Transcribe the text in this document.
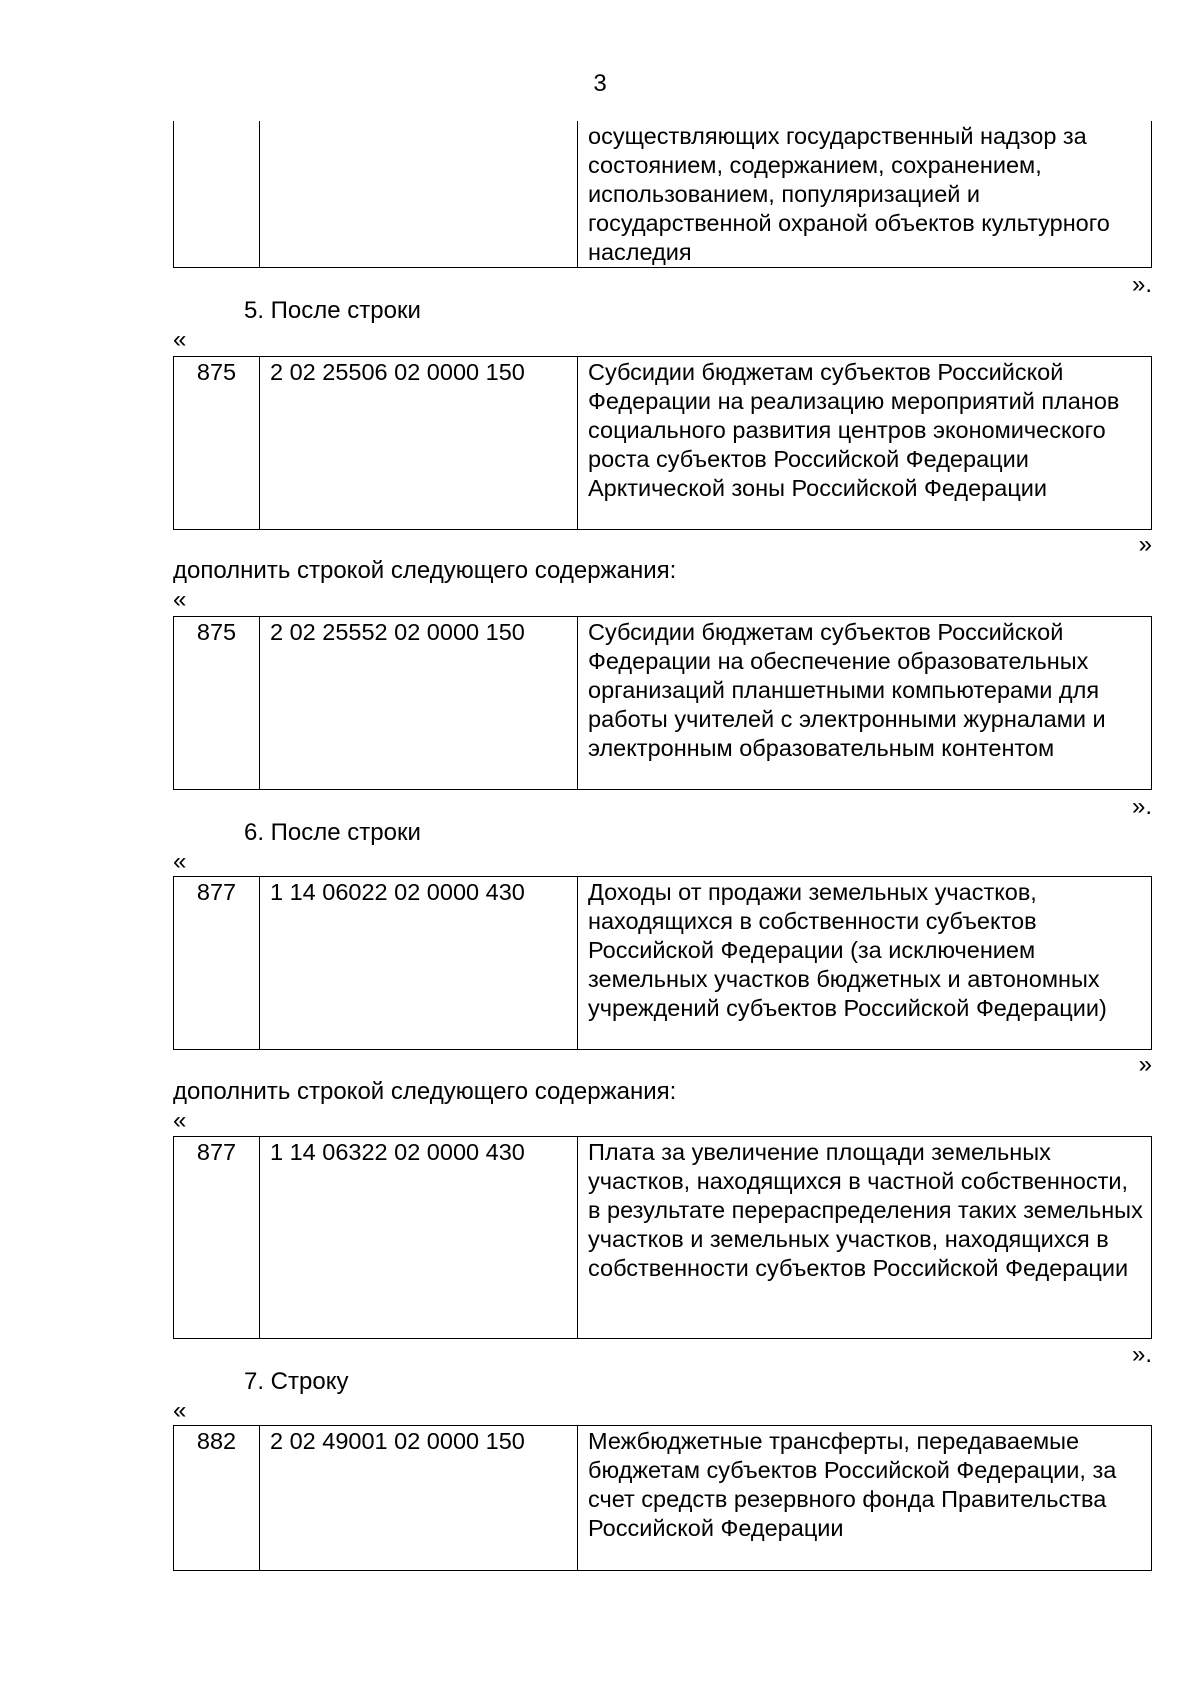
3
		осуществляющих государственный надзор за состоянием, содержанием, сохранением, использованием, популяризацией и государственной охраной объектов культурного наследия
».
5. После строки
«
875	2 02 25506 02 0000 150	Субсидии бюджетам субъектов Российской Федерации на реализацию мероприятий планов социального развития центров экономического роста субъектов Российской Федерации Арктической зоны Российской Федерации
»
дополнить строкой следующего содержания:
«
875	2 02 25552 02 0000 150	Субсидии бюджетам субъектов Российской Федерации на обеспечение образовательных организаций планшетными компьютерами для работы учителей с электронными журналами и электронным образовательным контентом
».
6. После строки
«
877	1 14 06022 02 0000 430	Доходы от продажи земельных участков, находящихся в собственности субъектов Российской Федерации (за исключением земельных участков бюджетных и автономных учреждений субъектов Российской Федерации)
»
дополнить строкой следующего содержания:
«
877	1 14 06322 02 0000 430	Плата за увеличение площади земельных участков, находящихся в частной собственности, в результате перераспределения таких земельных участков и земельных участков, находящихся в собственности субъектов Российской Федерации
».
7. Строку
«
882	2 02 49001 02 0000 150	Межбюджетные трансферты, передаваемые бюджетам субъектов Российской Федерации, за счет средств резервного фонда Правительства Российской Федерации
